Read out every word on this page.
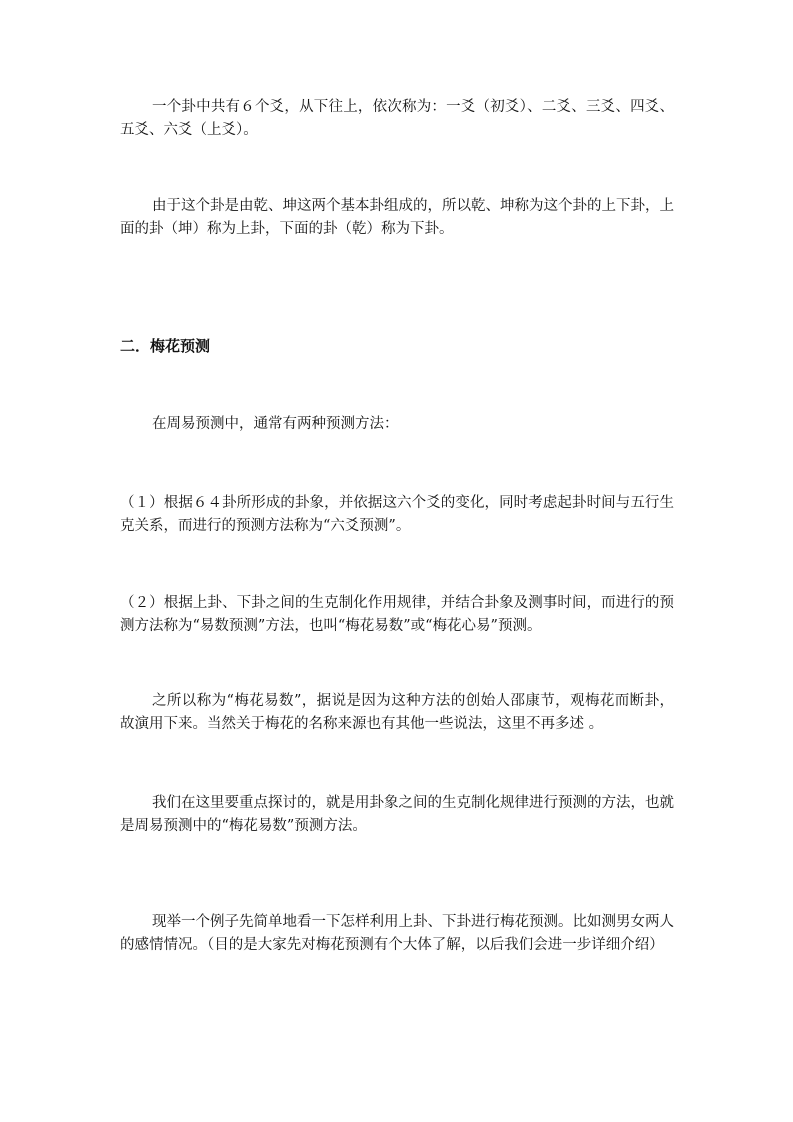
一个卦中共有６个爻，从下往上，依次称为：一爻（初爻）、二爻、三爻、四爻、五爻、六爻（上爻）。

由于这个卦是由乾、坤这两个基本卦组成的，所以乾、坤称为这个卦的上下卦，上面的卦（坤）称为上卦，下面的卦（乾）称为下卦。

二．梅花预测

在周易预测中，通常有两种预测方法：

（１）根据６４卦所形成的卦象，并依据这六个爻的变化，同时考虑起卦时间与五行生克关系，而进行的预测方法称为“六爻预测”。

（２）根据上卦、下卦之间的生克制化作用规律，并结合卦象及测事时间，而进行的预测方法称为“易数预测”方法，也叫“梅花易数”或“梅花心易”预测。

之所以称为“梅花易数”，据说是因为这种方法的创始人邵康节，观梅花而断卦，故演用下来。当然关于梅花的名称来源也有其他一些说法，这里不再多述 。

我们在这里要重点探讨的，就是用卦象之间的生克制化规律进行预测的方法，也就是周易预测中的“梅花易数”预测方法。

现举一个例子先简单地看一下怎样利用上卦、下卦进行梅花预测。比如测男女两人的感情情况。（目的是大家先对梅花预测有个大体了解，以后我们会进一步详细介绍）
